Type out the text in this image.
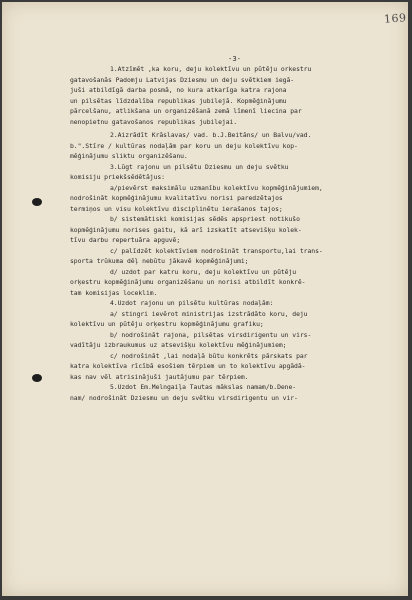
169
-3-
1.Atzīmēt ,ka koru, deju kolektīvu un pūtēju orkestru
gatavošanās Padomju Latvijas Dziesmu un deju svētkiem iegā-
juši atbildīgā darba posmā, no kura atkarīga katra rajona
un pilsētas līdzdalība republikas jubilejā. Kopmēģinājumu
pārcelšanu, atlikšana un organizēšanā zemā līmenī liecina par
nenopietnu gatavošanos republikas jubilejai.
2.Aizrādīt Krāslavas/ vad. b.J.Beitāns/ un Balvu/vad.
b.".Stīre / kultūras nodaļām par koru un deju kolektīvu kop-
mēģinājumu sliktu organizēšanu.
3.Lūgt rajonu un pilsētu Dziesmu un deju svētku
komisiju priekšsēdētājus:
a/pievērst maksimālu uzmanību kolektīvu kopmēģinājumiem,
nodrošināt kopmēģinājumu kvalitatīvu norisi paredzētajos
termiņos un visu kolektīvu disciplinētu ierašanos tajos;
b/ sistemātiski komisijas sēdēs apspriest notikušo
kopmēģinājumu norises gaitu, kā arī izskatīt atsevišķu kolek-
tīvu darbu repertuāra apguvē;
c/ palīdzēt kolektīviem nodrošināt transportu,lai trans-
sporta trūkuma dēļ nebūtu jākavē kopmēģinājumi;
d/ uzdot par katru koru, deju kolektīvu un pūtēju
orķestru kopmēģinājumu organizēšanu un norisi atbildīt konkrē-
tam komisijas loceklim.
4.Uzdot rajonu un pilsētu kultūras nodaļām:
a/ stingri ievērot ministrijas izstrādāto koru, deju
kolektīvu un pūtēju orķestru kopmēģinājumu grafiku;
b/ nodrošināt rajona, pilsētas virsdirigentu un virs-
vadītāju izbraukumus uz atsevišķu kolektīvu mēģinājumiem;
c/ nodrošināt ,lai nodaļā būtu konkrēts pārskats par
katra kolektīva rīcībā esošiem tērpiem un to kolektīvu apgādā-
kas nav vēl atrisinājuši jautājumu par tērpiem.
5.Uzdot Em.Melngaiļa Tautas mākslas namam/b.Dene-
nam/ nodrošināt Dziesmu un deju svētku virsdirigentu un vir-
